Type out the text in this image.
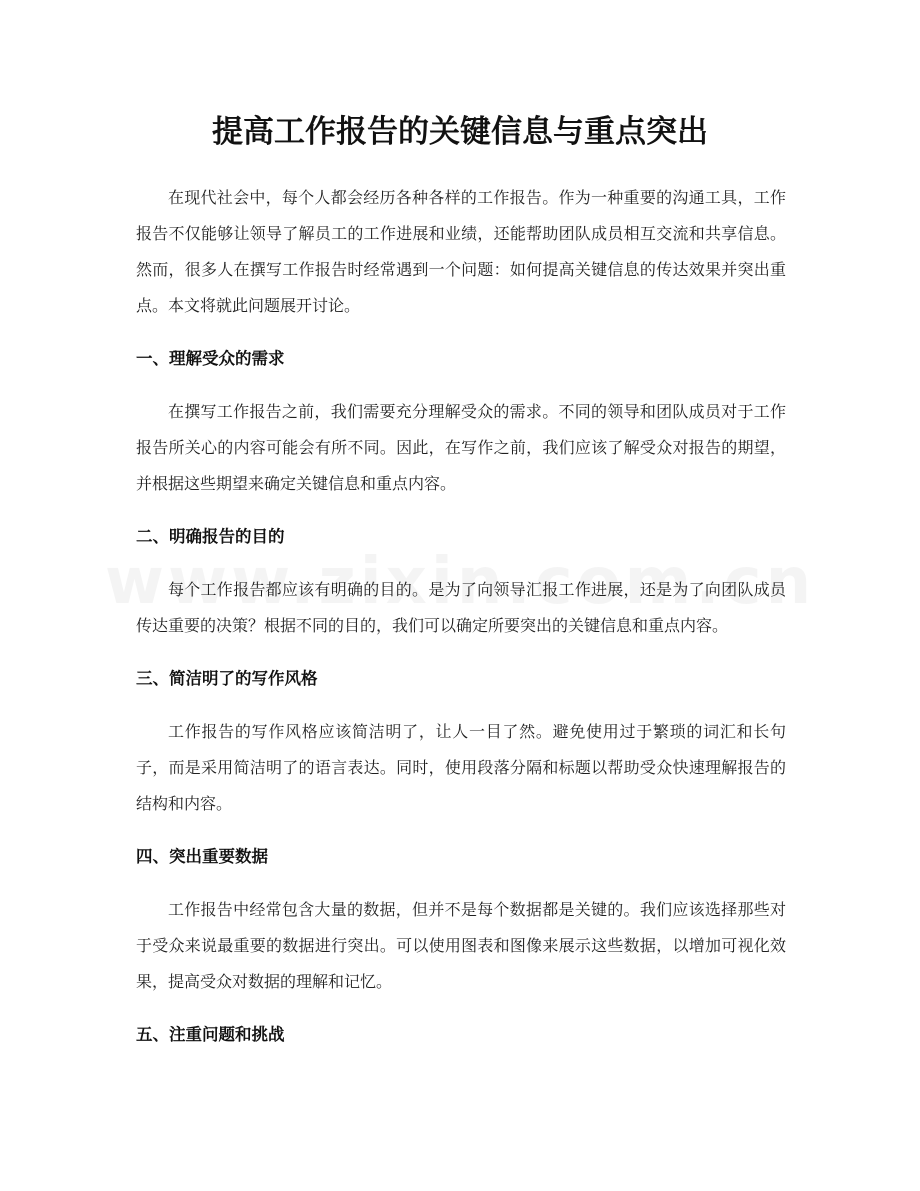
提高工作报告的关键信息与重点突出

在现代社会中，每个人都会经历各种各样的工作报告。作为一种重要的沟通工具，工作报告不仅能够让领导了解员工的工作进展和业绩，还能帮助团队成员相互交流和共享信息。然而，很多人在撰写工作报告时经常遇到一个问题：如何提高关键信息的传达效果并突出重点。本文将就此问题展开讨论。

一、理解受众的需求

在撰写工作报告之前，我们需要充分理解受众的需求。不同的领导和团队成员对于工作报告所关心的内容可能会有所不同。因此，在写作之前，我们应该了解受众对报告的期望，并根据这些期望来确定关键信息和重点内容。

二、明确报告的目的

每个工作报告都应该有明确的目的。是为了向领导汇报工作进展，还是为了向团队成员传达重要的决策？根据不同的目的，我们可以确定所要突出的关键信息和重点内容。

三、简洁明了的写作风格

工作报告的写作风格应该简洁明了，让人一目了然。避免使用过于繁琐的词汇和长句子，而是采用简洁明了的语言表达。同时，使用段落分隔和标题以帮助受众快速理解报告的结构和内容。

四、突出重要数据

工作报告中经常包含大量的数据，但并不是每个数据都是关键的。我们应该选择那些对于受众来说最重要的数据进行突出。可以使用图表和图像来展示这些数据，以增加可视化效果，提高受众对数据的理解和记忆。

五、注重问题和挑战
